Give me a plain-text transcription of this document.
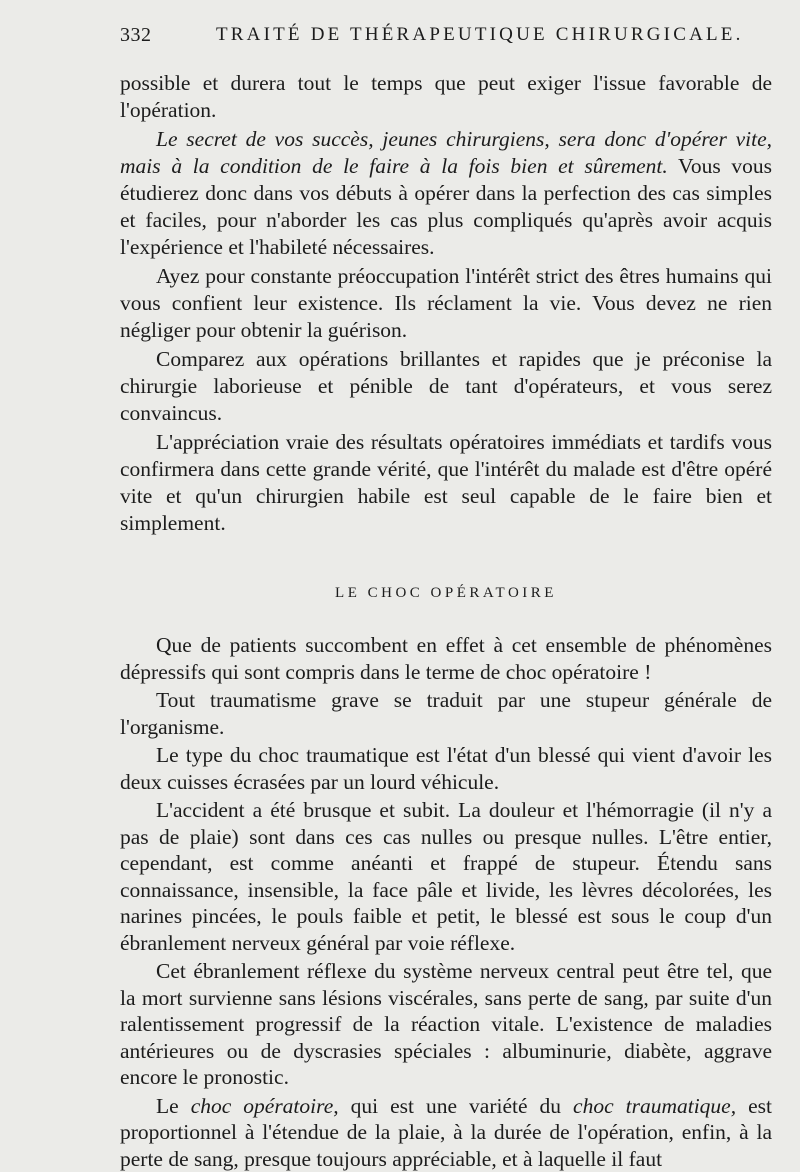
332	TRAITÉ DE THÉRAPEUTIQUE CHIRURGICALE.

possible et durera tout le temps que peut exiger l'issue favorable de l'opération.

Le secret de vos succès, jeunes chirurgiens, sera donc d'opérer vite, mais à la condition de le faire à la fois bien et sûrement. Vous vous étudierez donc dans vos débuts à opérer dans la perfection des cas simples et faciles, pour n'aborder les cas plus compliqués qu'après avoir acquis l'expérience et l'habileté nécessaires.

Ayez pour constante préoccupation l'intérêt strict des êtres humains qui vous confient leur existence. Ils réclament la vie. Vous devez ne rien négliger pour obtenir la guérison.

Comparez aux opérations brillantes et rapides que je préconise la chirurgie laborieuse et pénible de tant d'opérateurs, et vous serez convaincus.

L'appréciation vraie des résultats opératoires immédiats et tardifs vous confirmera dans cette grande vérité, que l'intérêt du malade est d'être opéré vite et qu'un chirurgien habile est seul capable de le faire bien et simplement.

LE CHOC OPÉRATOIRE

Que de patients succombent en effet à cet ensemble de phénomènes dépressifs qui sont compris dans le terme de choc opératoire !

Tout traumatisme grave se traduit par une stupeur générale de l'organisme.

Le type du choc traumatique est l'état d'un blessé qui vient d'avoir les deux cuisses écrasées par un lourd véhicule.

L'accident a été brusque et subit. La douleur et l'hémorragie (il n'y a pas de plaie) sont dans ces cas nulles ou presque nulles. L'être entier, cependant, est comme anéanti et frappé de stupeur. Étendu sans connaissance, insensible, la face pâle et livide, les lèvres décolorées, les narines pincées, le pouls faible et petit, le blessé est sous le coup d'un ébranlement nerveux général par voie réflexe.

Cet ébranlement réflexe du système nerveux central peut être tel, que la mort survienne sans lésions viscérales, sans perte de sang, par suite d'un ralentissement progressif de la réaction vitale. L'existence de maladies antérieures ou de dyscrasies spéciales : albuminurie, diabète, aggrave encore le pronostic.

Le choc opératoire, qui est une variété du choc traumatique, est proportionnel à l'étendue de la plaie, à la durée de l'opération, enfin, à la perte de sang, presque toujours appréciable, et à laquelle il faut
